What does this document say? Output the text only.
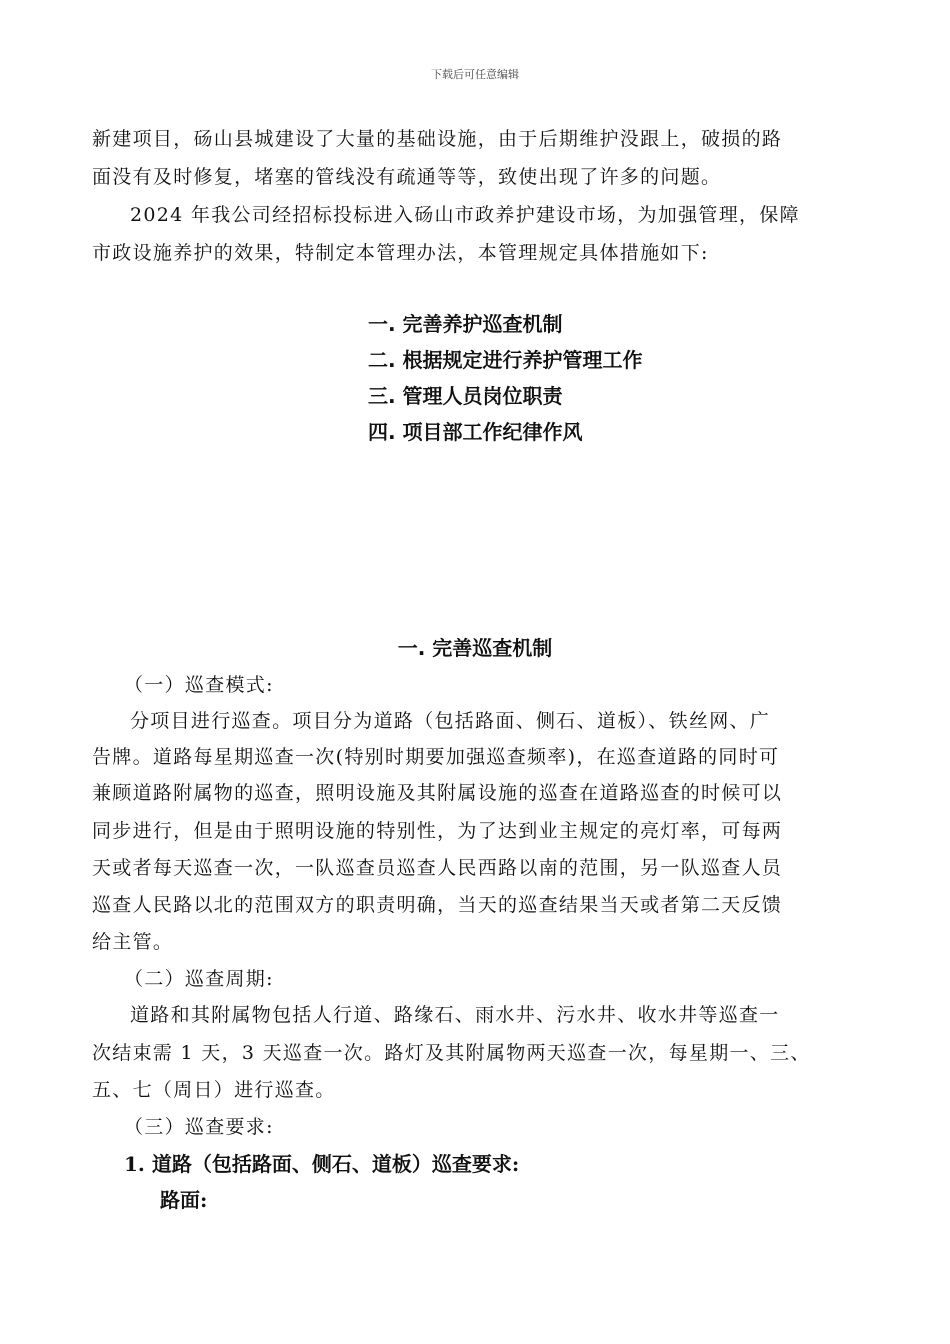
下载后可任意编辑
新建项目，砀山县城建设了大量的基础设施，由于后期维护没跟上，破损的路
面没有及时修复，堵塞的管线没有疏通等等，致使出现了许多的问题。
2024 年我公司经招标投标进入砀山市政养护建设市场，为加强管理，保障
市政设施养护的效果，特制定本管理办法，本管理规定具体措施如下:
一. 完善养护巡查机制
二. 根据规定进行养护管理工作
三. 管理人员岗位职责
四. 项目部工作纪律作风
一. 完善巡查机制
（一）巡查模式:
分项目进行巡查。项目分为道路（包括路面、侧石、道板）、铁丝网、广
告牌。道路每星期巡查一次(特别时期要加强巡查频率)，在巡查道路的同时可
兼顾道路附属物的巡查，照明设施及其附属设施的巡查在道路巡查的时候可以
同步进行，但是由于照明设施的特别性，为了达到业主规定的亮灯率，可每两
天或者每天巡查一次，一队巡查员巡查人民西路以南的范围，另一队巡查人员
巡查人民路以北的范围双方的职责明确，当天的巡查结果当天或者第二天反馈
给主管。
（二）巡查周期:
道路和其附属物包括人行道、路缘石、雨水井、污水井、收水井等巡查一
次结束需 1 天，3 天巡查一次。路灯及其附属物两天巡查一次，每星期一、三、
五、七（周日）进行巡查。
（三）巡查要求:
1. 道路（包括路面、侧石、道板）巡查要求:
路面:
